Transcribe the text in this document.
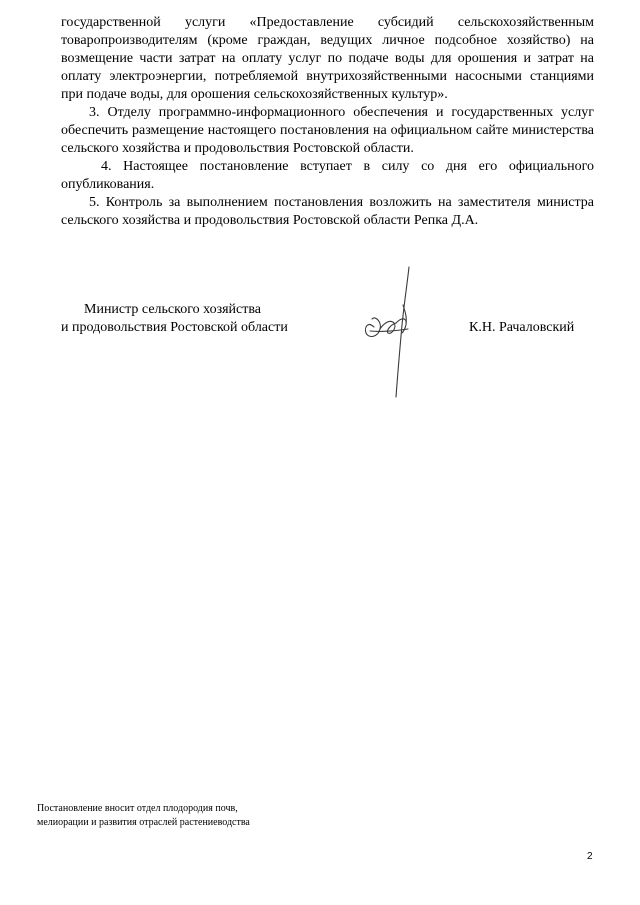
государственной услуги «Предоставление субсидий сельскохозяйственным товаропроизводителям (кроме граждан, ведущих личное подсобное хозяйство) на возмещение части затрат на оплату услуг по подаче воды для орошения и затрат на оплату электроэнергии, потребляемой внутрихозяйственными насосными станциями при подаче воды, для орошения сельскохозяйственных культур».

3. Отделу программно-информационного обеспечения и государственных услуг обеспечить размещение настоящего постановления на официальном сайте министерства сельского хозяйства и продовольствия Ростовской области.

4. Настоящее постановление вступает в силу со дня его официального опубликования.

5. Контроль за выполнением постановления возложить на заместителя министра сельского хозяйства и продовольствия Ростовской области Репка Д.А.

Министр сельского хозяйства
и продовольствия Ростовской области	К.Н. Рачаловский
Постановление вносит отдел плодородия почв,
мелиорации и развития отраслей растениеводства
2
